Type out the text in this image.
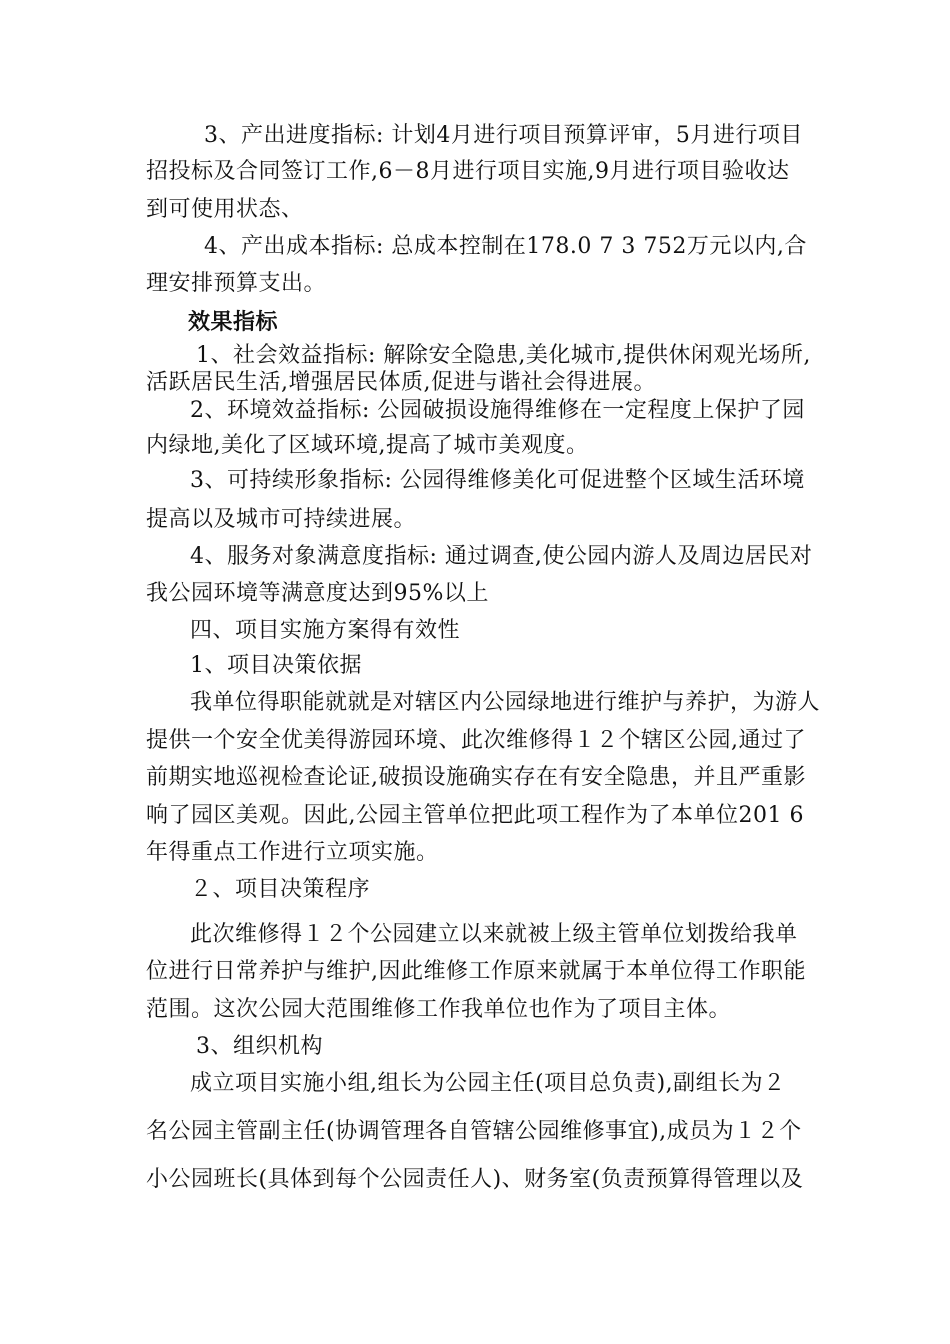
3、产出进度指标: 计划4月进行项目预算评审，5月进行项目
招投标及合同签订工作,6－8月进行项目实施,9月进行项目验收达
到可使用状态、
4、产出成本指标: 总成本控制在178.0 7 3 752万元以内,合
理安排预算支出。
效果指标
1、社会效益指标: 解除安全隐患,美化城市,提供休闲观光场所,
活跃居民生活,增强居民体质,促进与谐社会得进展。
2、环境效益指标: 公园破损设施得维修在一定程度上保护了园
内绿地,美化了区域环境,提高了城市美观度。
3、可持续形象指标: 公园得维修美化可促进整个区域生活环境
提高以及城市可持续进展。
4、服务对象满意度指标: 通过调查,使公园内游人及周边居民对
我公园环境等满意度达到95%以上
四、项目实施方案得有效性
1、项目决策依据
我单位得职能就就是对辖区内公园绿地进行维护与养护，为游人
提供一个安全优美得游园环境、此次维修得１２个辖区公园,通过了
前期实地巡视检查论证,破损设施确实存在有安全隐患，并且严重影
响了园区美观。因此,公园主管单位把此项工程作为了本单位201 6
年得重点工作进行立项实施。
２、项目决策程序
此次维修得１２个公园建立以来就被上级主管单位划拨给我单
位进行日常养护与维护,因此维修工作原来就属于本单位得工作职能
范围。这次公园大范围维修工作我单位也作为了项目主体。
3、组织机构
成立项目实施小组,组长为公园主任(项目总负责),副组长为２
名公园主管副主任(协调管理各自管辖公园维修事宜),成员为１２个
小公园班长(具体到每个公园责任人)、财务室(负责预算得管理以及
